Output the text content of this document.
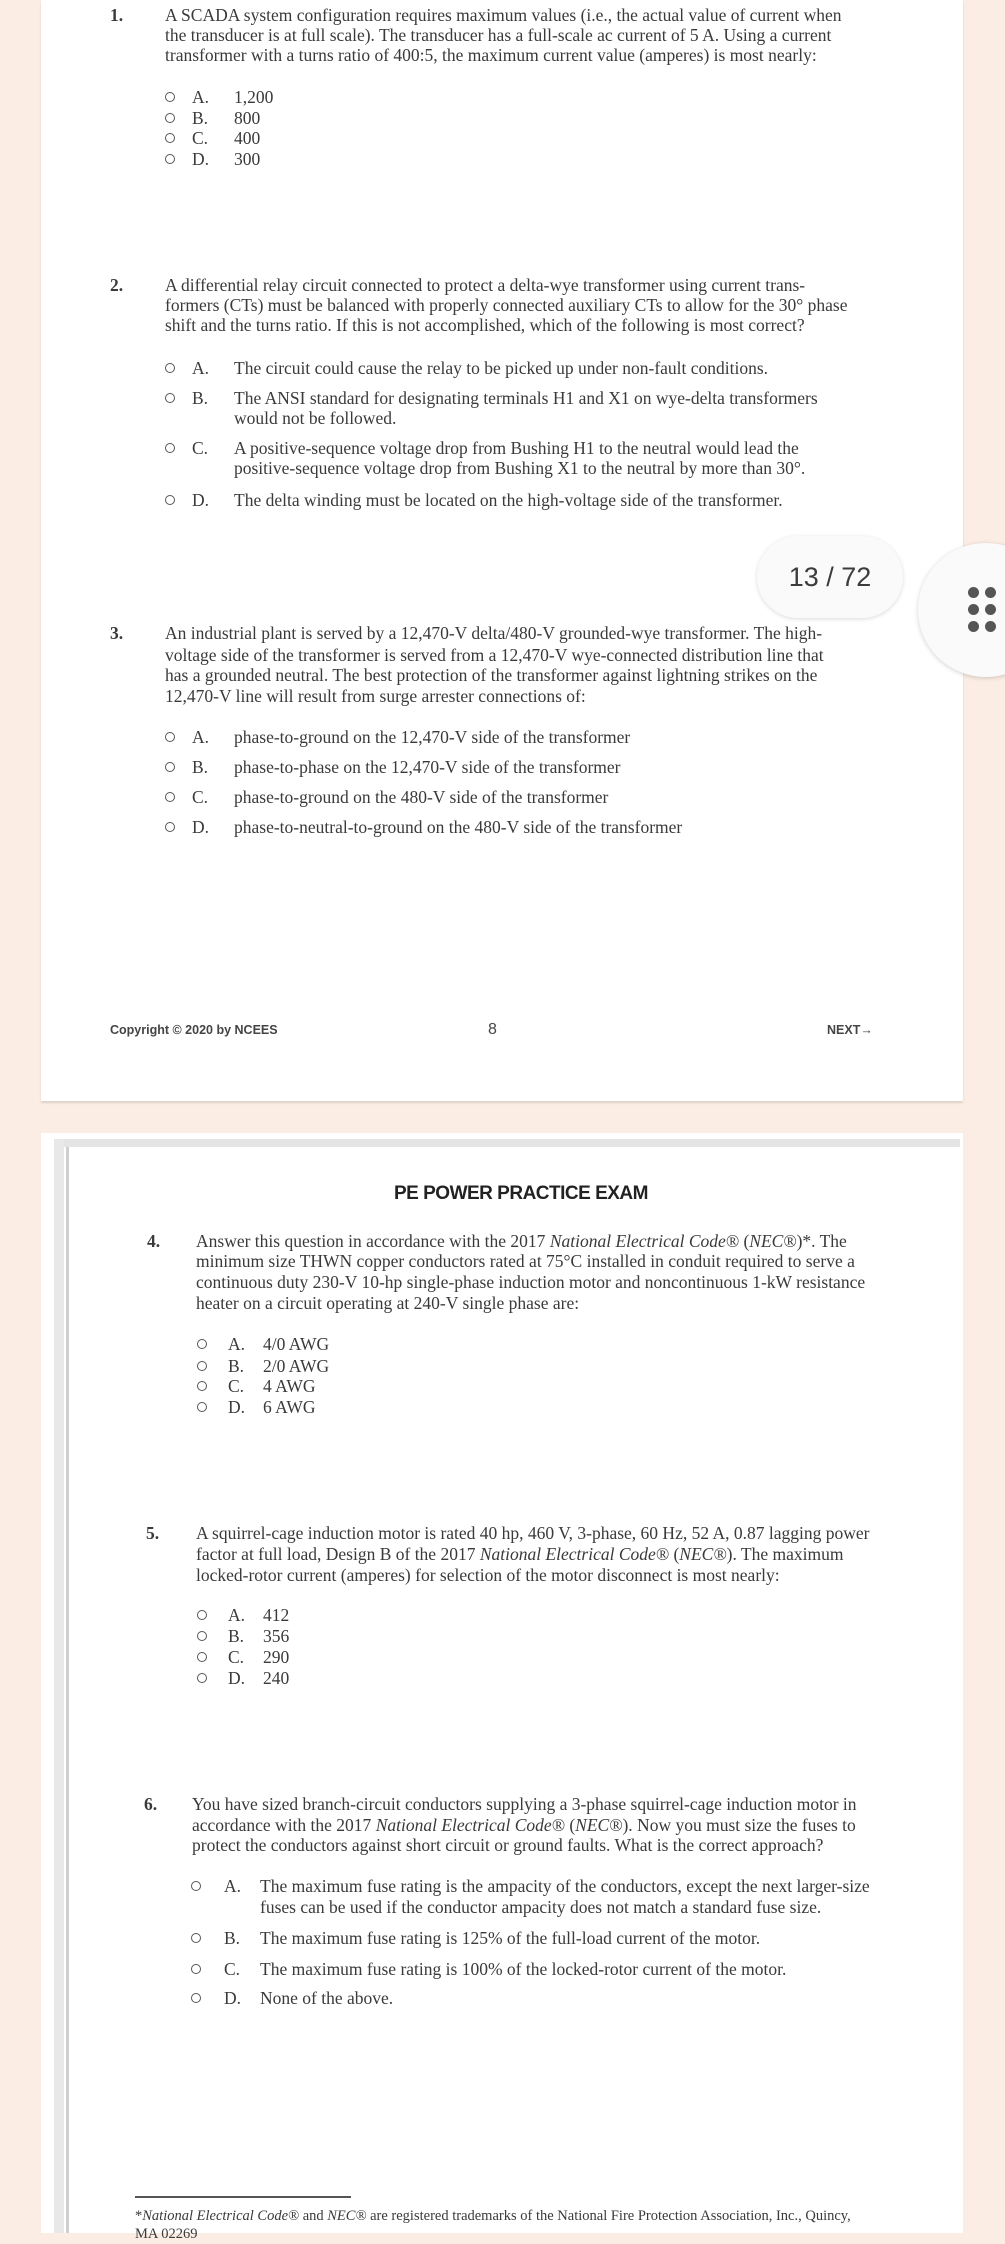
Copyright © 2020 by NCEES	8	NEXT→
PE POWER PRACTICE EXAM
1. A SCADA system configuration requires maximum values (i.e., the actual value of current when
the transducer is at full scale). The transducer has a full-scale ac current of 5 A. Using a current
transformer with a turns ratio of 400:5, the maximum current value (amperes) is most nearly:
A. 1,200
B. 800
C. 400
D. 300
2. A differential relay circuit connected to protect a delta-wye transformer using current trans-
formers (CTs) must be balanced with properly connected auxiliary CTs to allow for the 30° phase
shift and the turns ratio. If this is not accomplished, which of the following is most correct?
A. The circuit could cause the relay to be picked up under non-fault conditions.
B. The ANSI standard for designating terminals H1 and X1 on wye-delta transformers
would not be followed.
C. A positive-sequence voltage drop from Bushing H1 to the neutral would lead the
positive-sequence voltage drop from Bushing X1 to the neutral by more than 30°.
D. The delta winding must be located on the high-voltage side of the transformer.
3. An industrial plant is served by a 12,470-V delta/480-V grounded-wye transformer. The high-
voltage side of the transformer is served from a 12,470-V wye-connected distribution line that
has a grounded neutral. The best protection of the transformer against lightning strikes on the
12,470-V line will result from surge arrester connections of:
A. phase-to-ground on the 12,470-V side of the transformer
B. phase-to-phase on the 12,470-V side of the transformer
C. phase-to-ground on the 480-V side of the transformer
D. phase-to-neutral-to-ground on the 480-V side of the transformer
4. Answer this question in accordance with the 2017 National Electrical Code® (NEC®)*. The
minimum size THWN copper conductors rated at 75°C installed in conduit required to serve a
continuous duty 230-V 10-hp single-phase induction motor and noncontinuous 1-kW resistance
heater on a circuit operating at 240-V single phase are:
A. 4/0 AWG
B. 2/0 AWG
C. 4 AWG
D. 6 AWG
5. A squirrel-cage induction motor is rated 40 hp, 460 V, 3-phase, 60 Hz, 52 A, 0.87 lagging power
factor at full load, Design B of the 2017 National Electrical Code® (NEC®). The maximum
locked-rotor current (amperes) for selection of the motor disconnect is most nearly:
A. 412
B. 356
C. 290
D. 240
6. You have sized branch-circuit conductors supplying a 3-phase squirrel-cage induction motor in
accordance with the 2017 National Electrical Code® (NEC®). Now you must size the fuses to
protect the conductors against short circuit or ground faults. What is the correct approach?
A. The maximum fuse rating is the ampacity of the conductors, except the next larger-size
fuses can be used if the conductor ampacity does not match a standard fuse size.
B. The maximum fuse rating is 125% of the full-load current of the motor.
C. The maximum fuse rating is 100% of the locked-rotor current of the motor.
D. None of the above.
*National Electrical Code® and NEC® are registered trademarks of the National Fire Protection Association, Inc., Quincy,
MA 02269
13 / 72
